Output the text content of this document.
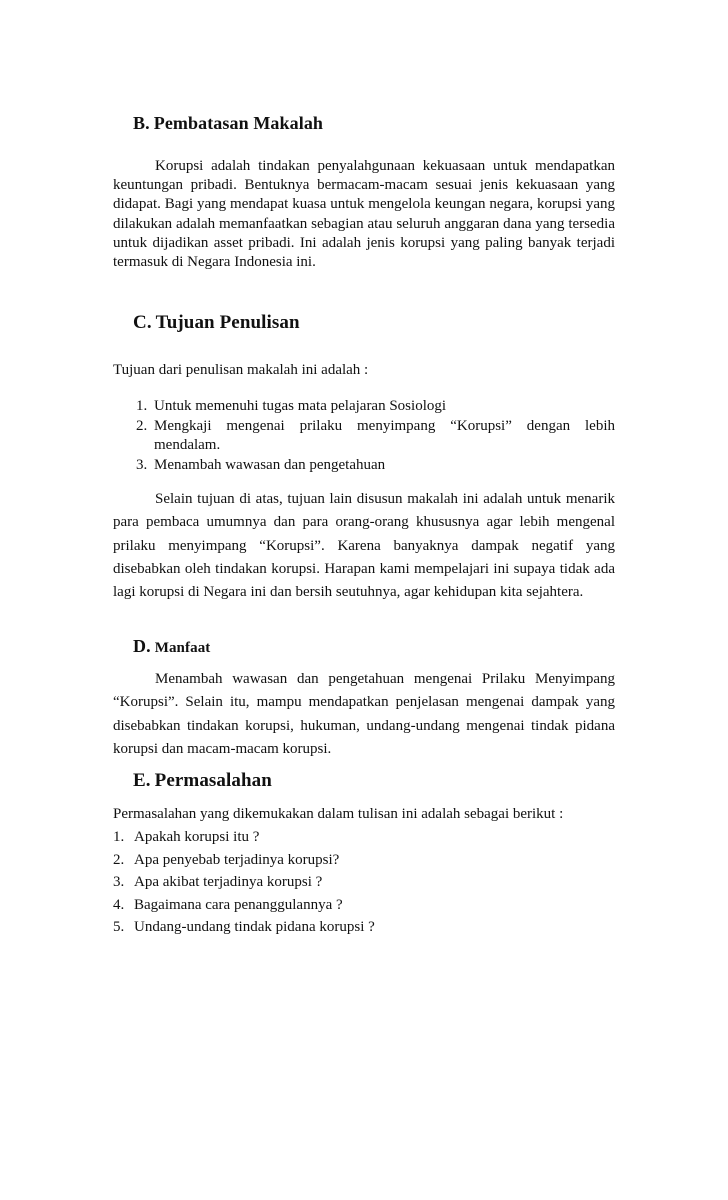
B. Pembatasan Makalah

Korupsi adalah tindakan penyalahgunaan kekuasaan untuk mendapatkan keuntungan pribadi. Bentuknya bermacam-macam sesuai jenis kekuasaan yang didapat. Bagi yang mendapat kuasa untuk mengelola keungan negara, korupsi yang dilakukan adalah memanfaatkan sebagian atau seluruh anggaran dana yang tersedia untuk dijadikan asset pribadi. Ini adalah jenis korupsi yang paling banyak terjadi termasuk di Negara Indonesia ini.

C. Tujuan Penulisan

Tujuan dari penulisan makalah ini adalah :

1. Untuk memenuhi tugas mata pelajaran Sosiologi
2. Mengkaji mengenai prilaku menyimpang “Korupsi” dengan lebih mendalam.
3. Menambah wawasan dan pengetahuan

Selain tujuan di atas, tujuan lain disusun makalah ini adalah untuk menarik para pembaca umumnya dan para orang-orang khususnya agar lebih mengenal prilaku menyimpang “Korupsi”. Karena banyaknya dampak negatif yang disebabkan oleh tindakan korupsi. Harapan kami mempelajari ini supaya tidak ada lagi korupsi di Negara ini dan bersih seutuhnya, agar kehidupan kita sejahtera.

D. Manfaat

Menambah wawasan dan pengetahuan mengenai Prilaku Menyimpang “Korupsi”. Selain itu, mampu mendapatkan penjelasan mengenai dampak yang disebabkan tindakan korupsi, hukuman, undang-undang mengenai tindak pidana korupsi dan macam-macam korupsi.

E. Permasalahan

Permasalahan yang dikemukakan dalam tulisan ini adalah sebagai berikut :

1. Apakah korupsi itu ?
2. Apa penyebab terjadinya korupsi?
3. Apa akibat terjadinya korupsi ?
4. Bagaimana cara penanggulannya ?
5. Undang-undang tindak pidana korupsi ?
